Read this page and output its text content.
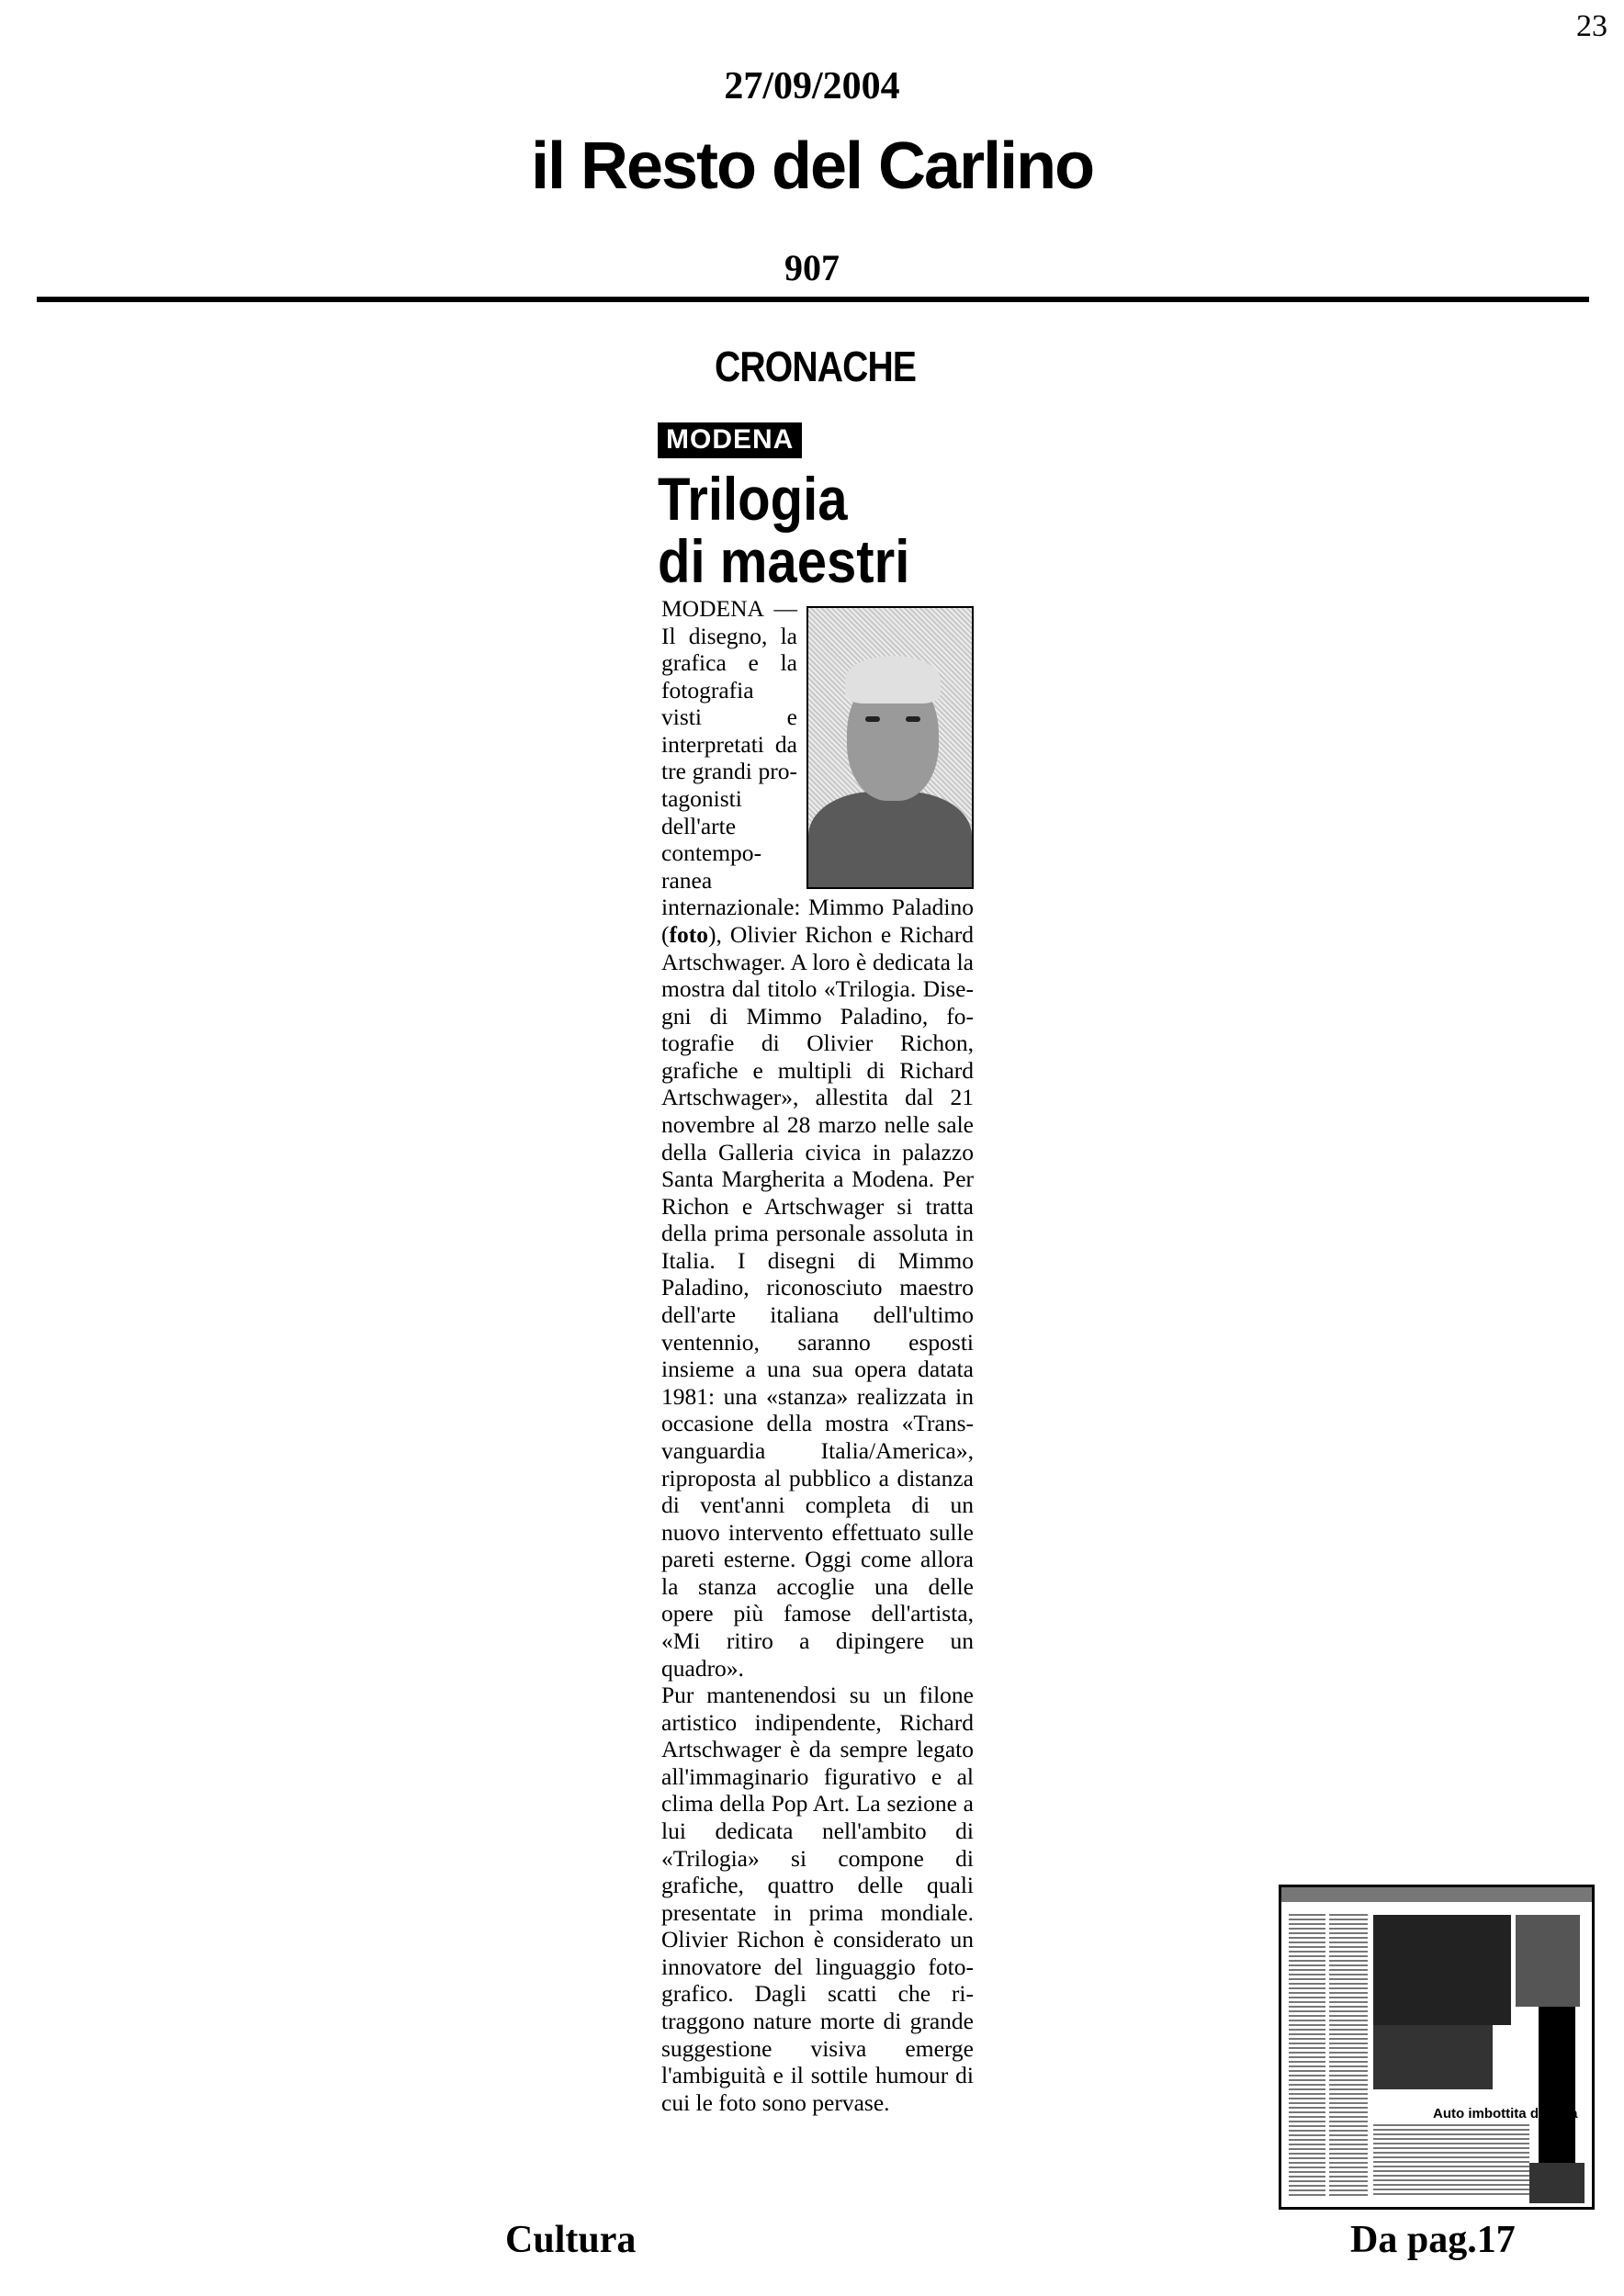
23
27/09/2004
il Resto del Carlino
907
CRONACHE
MODENA
Trilogia
di maestri

MODENA — Il disegno, la grafica e la fotografia visti e interpretati da tre grandi protagonisti dell'arte contemporanea internazionale: Mimmo Paladino (foto), Olivier Richon e Richard Artschwager. A loro è dedicata la mostra dal titolo «Trilogia. Disegni di Mimmo Paladino, fotografie di Olivier Richon, grafiche e multipli di Richard Artschwager», allestita dal 21 novembre al 28 marzo nelle sale della Galleria civica in palazzo Santa Margherita a Modena. Per Richon e Artschwager si tratta della prima personale assoluta in Italia. I disegni di Mimmo Paladino, riconosciuto maestro dell'arte italiana dell'ultimo ventennio, saranno esposti insieme a una sua opera datata 1981: una «stanza» realizzata in occasione della mostra «Transvanguardia Italia/America», riproposta al pubblico a distanza di vent'anni completa di un nuovo intervento effettuato sulle pareti esterne. Oggi come allora la stanza accoglie una delle opere più famose dell'artista, «Mi ritiro a dipingere un quadro».

Pur mantenendosi su un filone artistico indipendente, Richard Artschwager è da sempre legato all'immaginario figurativo e al clima della Pop Art. La sezione a lui dedicata nell'ambito di «Trilogia» si compone di grafiche, quattro delle quali presentate in prima mondiale. Olivier Richon è considerato un innovatore del linguaggio fotografico. Dagli scatti che ritraggono nature morte di grande suggestione visiva emerge l'ambiguità e il sottile humour di cui le foto sono pervase.	Auto imbottita di coca
Cultura	Da pag.17
